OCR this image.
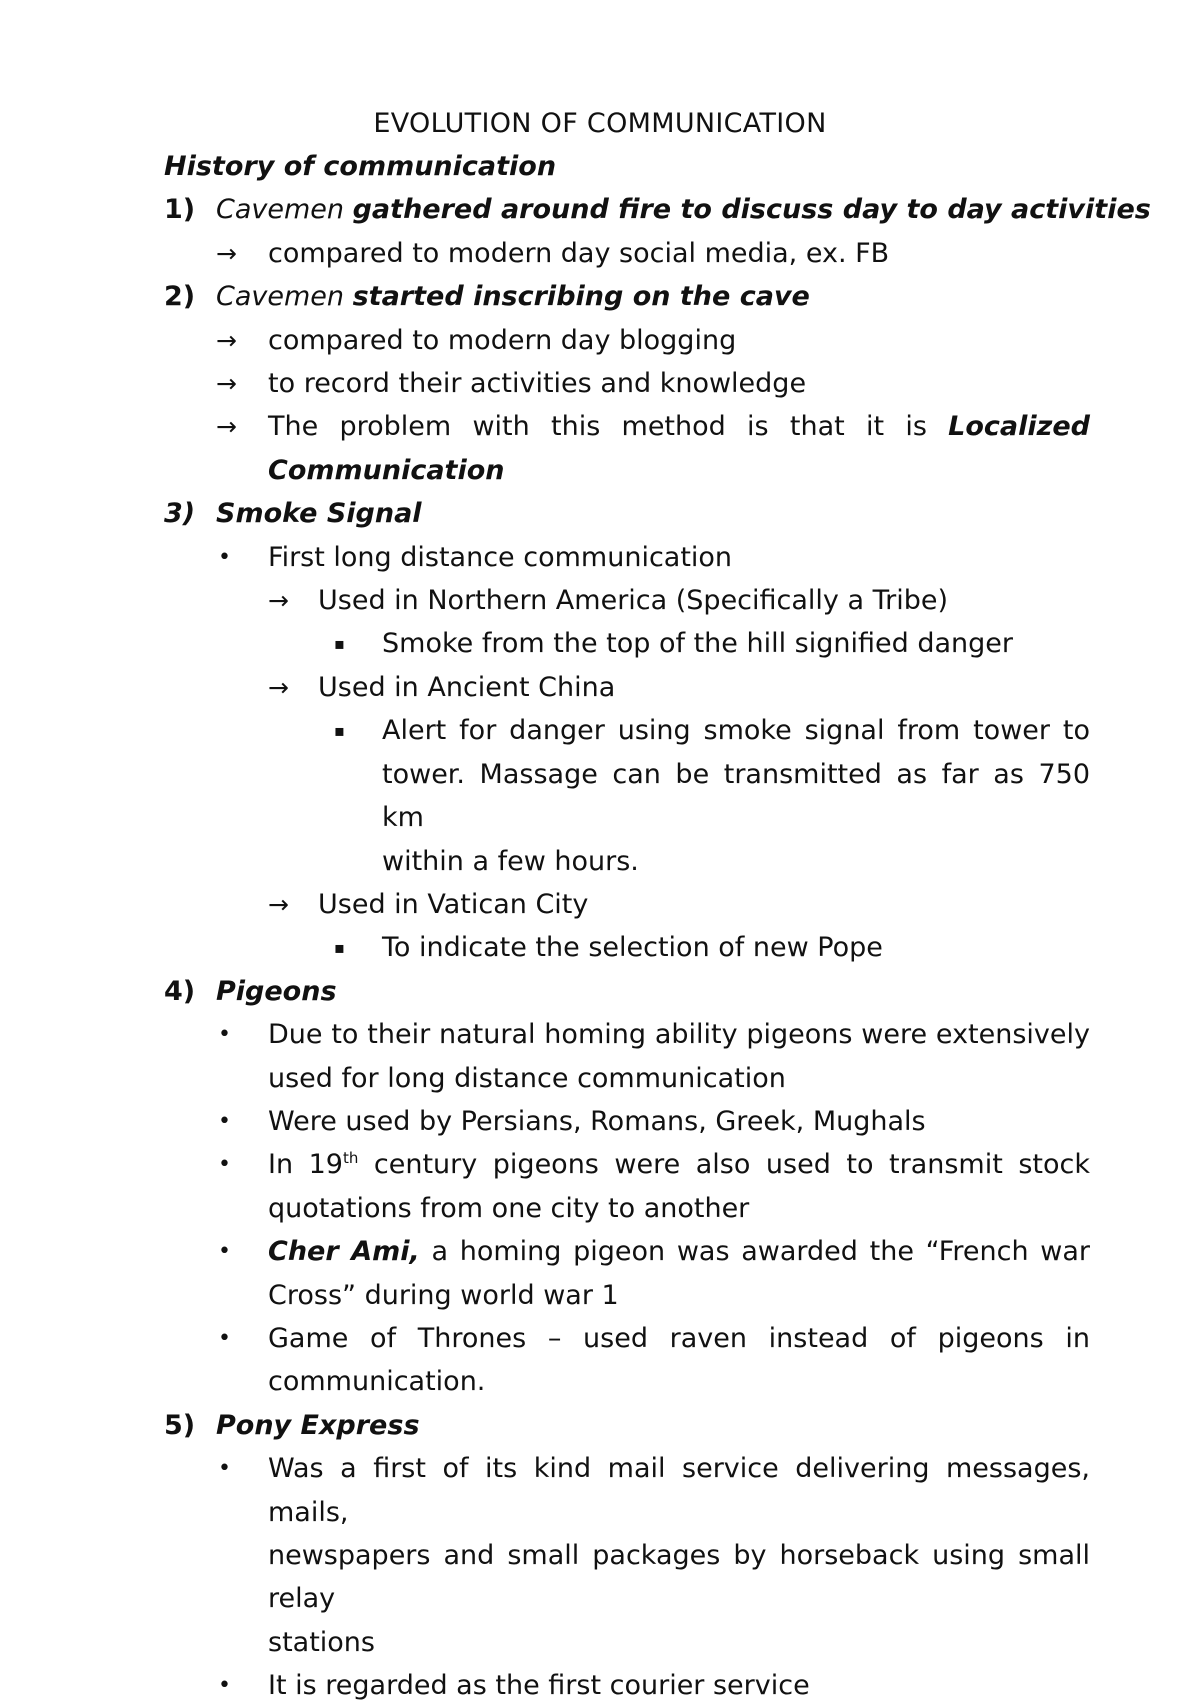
EVOLUTION OF COMMUNICATION
History of communication
1) Cavemen gathered around fire to discuss day to day activities
→ compared to modern day social media, ex. FB
2) Cavemen started inscribing on the cave
→ compared to modern day blogging
→ to record their activities and knowledge
→ The problem with this method is that it is Localized
Communication
3) Smoke Signal
• First long distance communication
→ Used in Northern America (Specifically a Tribe)
▪ Smoke from the top of the hill signified danger
→ Used in Ancient China
▪ Alert for danger using smoke signal from tower to
tower. Massage can be transmitted as far as 750 km
within a few hours.
→ Used in Vatican City
▪ To indicate the selection of new Pope
4) Pigeons
• Due to their natural homing ability pigeons were extensively
used for long distance communication
• Were used by Persians, Romans, Greek, Mughals
• In 19th century pigeons were also used to transmit stock
quotations from one city to another
• Cher Ami, a homing pigeon was awarded the “French war
Cross” during world war 1
• Game of Thrones – used raven instead of pigeons in
communication.
5) Pony Express
• Was a first of its kind mail service delivering messages, mails,
newspapers and small packages by horseback using small relay
stations
• It is regarded as the first courier service
